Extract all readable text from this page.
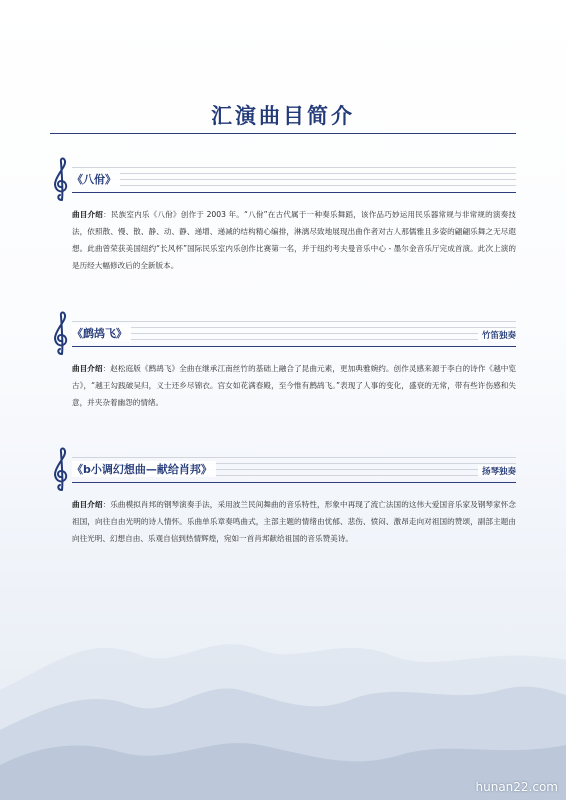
汇演曲目简介
《八佾》
曲目介绍：民族室内乐《八佾》创作于 2003 年。“八佾”在古代属于一种奏乐舞蹈，该作品巧妙运用民乐器常规与非常规的演奏技法，依照散、慢、散、静、动、静、递增、递减的结构精心编排，淋漓尽致地展现出曲作者对古人那儒雅且多姿的翩翩乐舞之无尽遐想。此曲曾荣获美国纽约“长风杯”国际民乐室内乐创作比赛第一名，并于纽约考夫曼音乐中心 - 墨尔金音乐厅完成首演。此次上演的是历经大幅修改后的全新版本。
《鹧鸪飞》	竹笛独奏
曲目介绍：赵松庭版《鹧鸪飞》全曲在继承江南丝竹的基础上融合了昆曲元素，更加典雅婉约。创作灵感来源于李白的诗作《越中览古》，“越王勾践破吴归，义士还乡尽锦衣。宫女如花满春殿，至今惟有鹧鸪飞。”表现了人事的变化，盛衰的无常，带有些许伤感和失意，并夹杂着幽怨的情绪。
《b小调幻想曲—献给肖邦》	扬琴独奏
曲目介绍：乐曲模拟肖邦的钢琴演奏手法，采用波兰民间舞曲的音乐特性，形象中再现了流亡法国的这伟大爱国音乐家及钢琴家怀念祖国，向往自由光明的诗人情怀。乐曲单乐章奏鸣曲式，主部主题的情绪由忧郁、悲伤、愤闷、激昂走向对祖国的赞颂，副部主题由向往光明、幻想自由、乐观自信到热情辉煌，宛如一首肖邦献给祖国的音乐赞美诗。
hunan22.com
